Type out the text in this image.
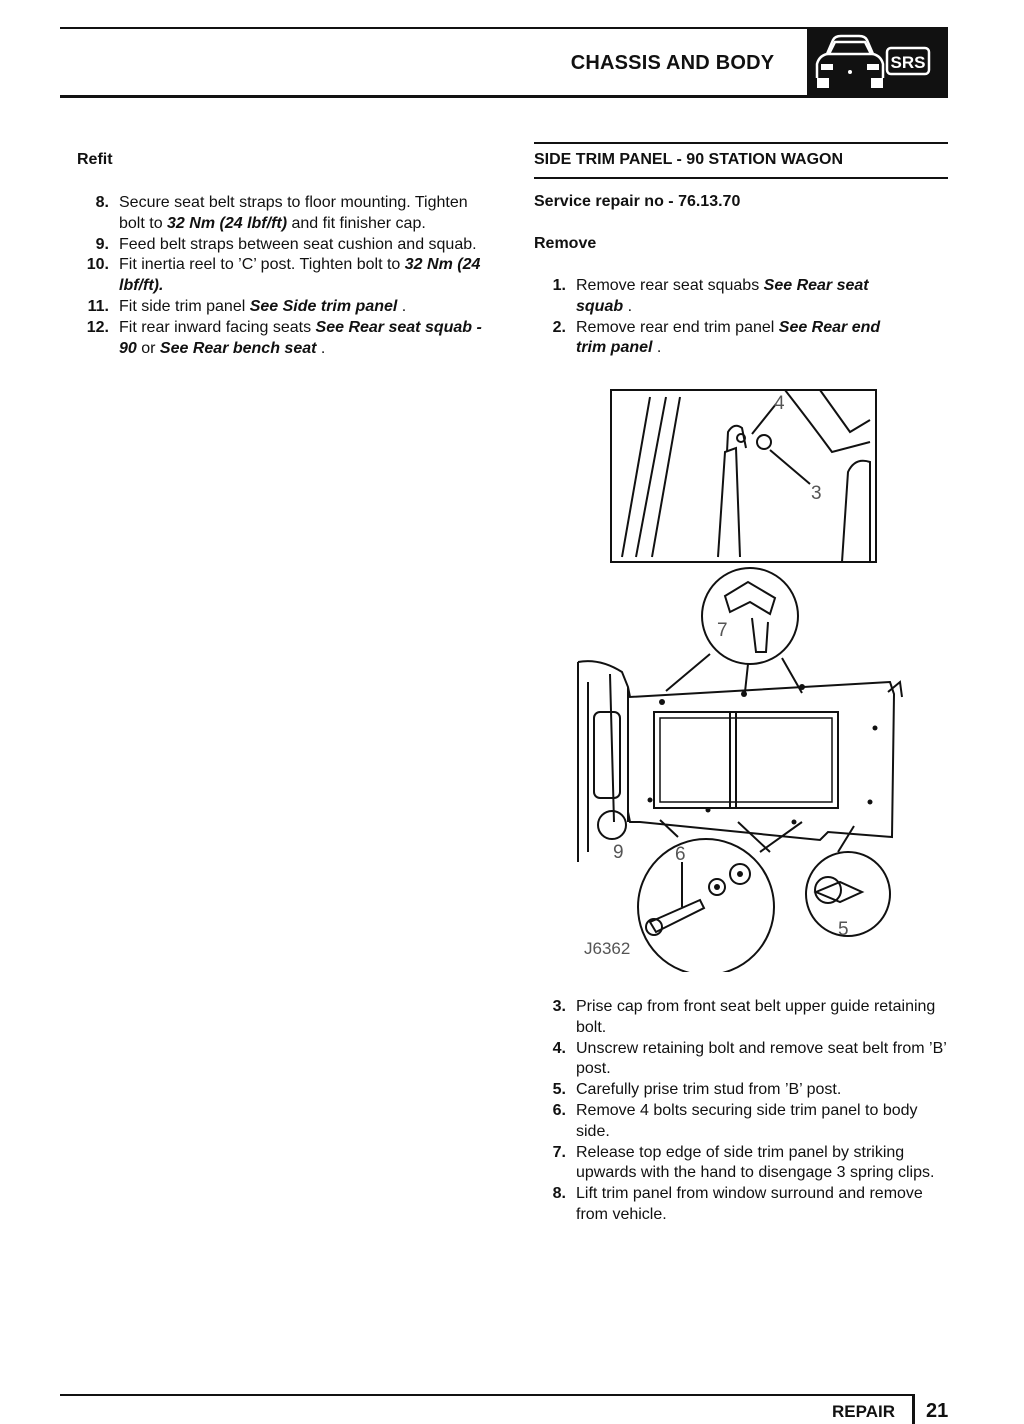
CHASSIS AND BODY	SRS
Refit
8. Secure seat belt straps to floor mounting. Tighten bolt to 32 Nm (24 lbf/ft) and fit finisher cap.
9. Feed belt straps between seat cushion and squab.
10. Fit inertia reel to ’C’ post. Tighten bolt to 32 Nm (24 lbf/ft).
11. Fit side trim panel See Side trim panel .
12. Fit rear inward facing seats See Rear seat squab - 90 or See Rear bench seat .
SIDE TRIM PANEL - 90 STATION WAGON
Service repair no - 76.13.70
Remove
1. Remove rear seat squabs See Rear seat squab .
2. Remove rear end trim panel See Rear end trim panel .
4
3
7
9	6
5
J6362
3. Prise cap from front seat belt upper guide retaining bolt.
4. Unscrew retaining bolt and remove seat belt from ’B’ post.
5. Carefully prise trim stud from ’B’ post.
6. Remove 4 bolts securing side trim panel to body side.
7. Release top edge of side trim panel by striking upwards with the hand to disengage 3 spring clips.
8. Lift trim panel from window surround and remove from vehicle.
REPAIR 21
